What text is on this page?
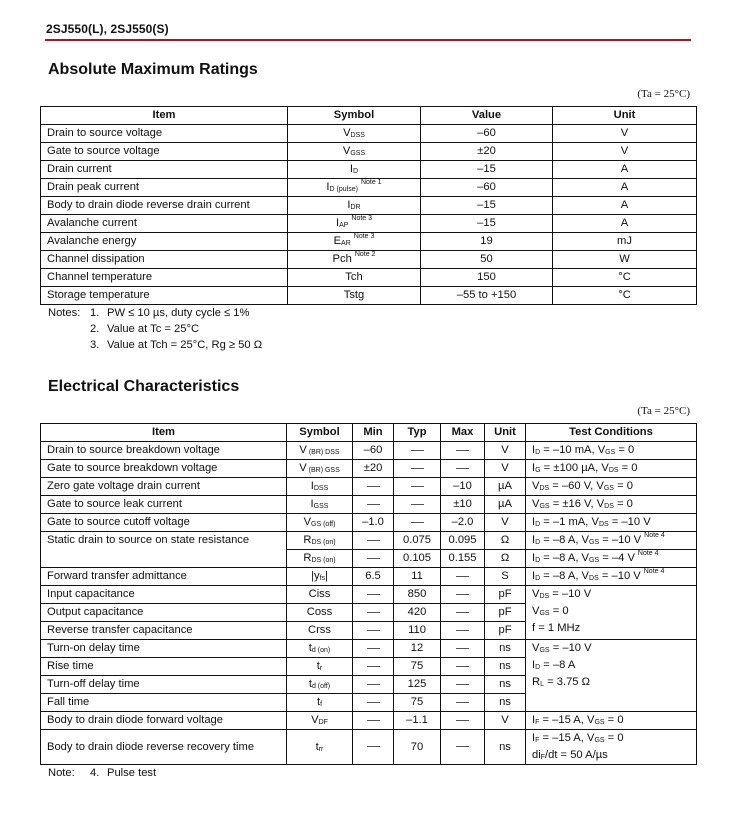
2SJ550(L), 2SJ550(S)
Absolute Maximum Ratings
(Ta = 25°C)
Item	Symbol	Value	Unit
Drain to source voltage	VDSS	–60	V
Gate to source voltage	VGSS	±20	V
Drain current	ID	–15	A
Drain peak current	ID (pulse)$^{Note 1}$	–60	A
Body to drain diode reverse drain current	IDR	–15	A
Avalanche current	IAP$^{Note 3}$	–15	A
Avalanche energy	EAR$^{Note 3}$	19	mJ
Channel dissipation	Pch $^{Note 2}$	50	W
Channel temperature	Tch	150	°C
Storage temperature	Tstg	–55 to +150	°C
Notes: 1. PW ≤ 10 µs, duty cycle ≤ 1%
2. Value at Tc = 25°C
3. Value at Tch = 25°C, Rg ≥ 50 Ω
Electrical Characteristics
(Ta = 25°C)
Item	Symbol	Min	Typ	Max	Unit	Test Conditions
Drain to source breakdown voltage	V (BR) DSS	–60			V	ID = –10 mA, VGS = 0
Gate to source breakdown voltage	V (BR) GSS	±20			V	IG = ±100 µA, VDS = 0
Zero gate voltage drain current	IDSS			–10	µA	VDS = –60 V, VGS = 0
Gate to source leak current	IGSS			±10	µA	VGS = ±16 V, VDS = 0
Gate to source cutoff voltage	VGS (off)	–1.0		–2.0	V	ID = –1 mA, VDS = –10 V
Static drain to source on state resistance	RDS (on)		0.075	0.095	Ω	ID = –8 A, VGS = –10 V $^{Note 4}$
	RDS (on)		0.105	0.155	Ω	ID = –8 A, VGS = –4 V $^{Note 4}$
Forward transfer admittance	|yfs|	6.5	11		S	ID = –8 A, VDS = –10 V $^{Note 4}$
Input capacitance	Ciss		850		pF	VDS = –10 V
VGS = 0
f = 1 MHz

Output capacitance	Coss		420		pF	
Reverse transfer capacitance	Crss		110		pF	
Turn-on delay time	td (on)		12		ns	VGS = –10 V
ID = –8 A
RL = 3.75 Ω

Rise time	tr		75		ns	
Turn-off delay time	td (off)		125		ns	
Fall time	tf		75		ns	
Body to drain diode forward voltage	VDF		–1.1		V	IF = –15 A, VGS = 0
Body to drain diode reverse recovery time	trr		70		ns	IF = –15 A, VGS = 0
diF/dt = 50 A/µs
Note:	4. Pulse test
